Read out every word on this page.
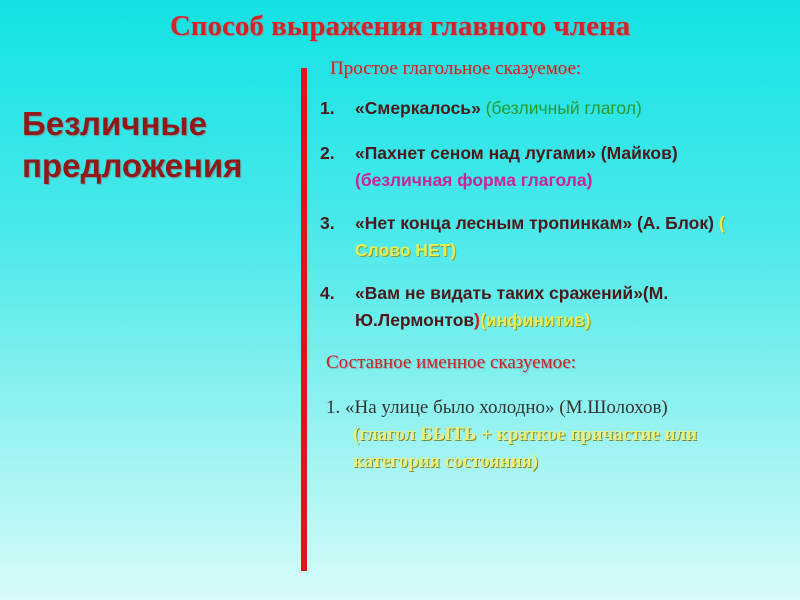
Способ выражения главного члена
Безличные предложения
Простое глагольное сказуемое:
1. «Смеркалось» (безличный глагол)
2. «Пахнет сеном над лугами» (Майков)
(безличная форма глагола)
3. «Нет конца лесным тропинкам» (А. Блок) ( Слово НЕТ)
4. «Вам не видать таких сражений»(М. Ю.Лермонтов)(инфинитив)
Составное именное сказуемое:
1. «На улице было холодно» (М.Шолохов)
(глагол БЫТЬ + краткое причастие или категория состояния)
